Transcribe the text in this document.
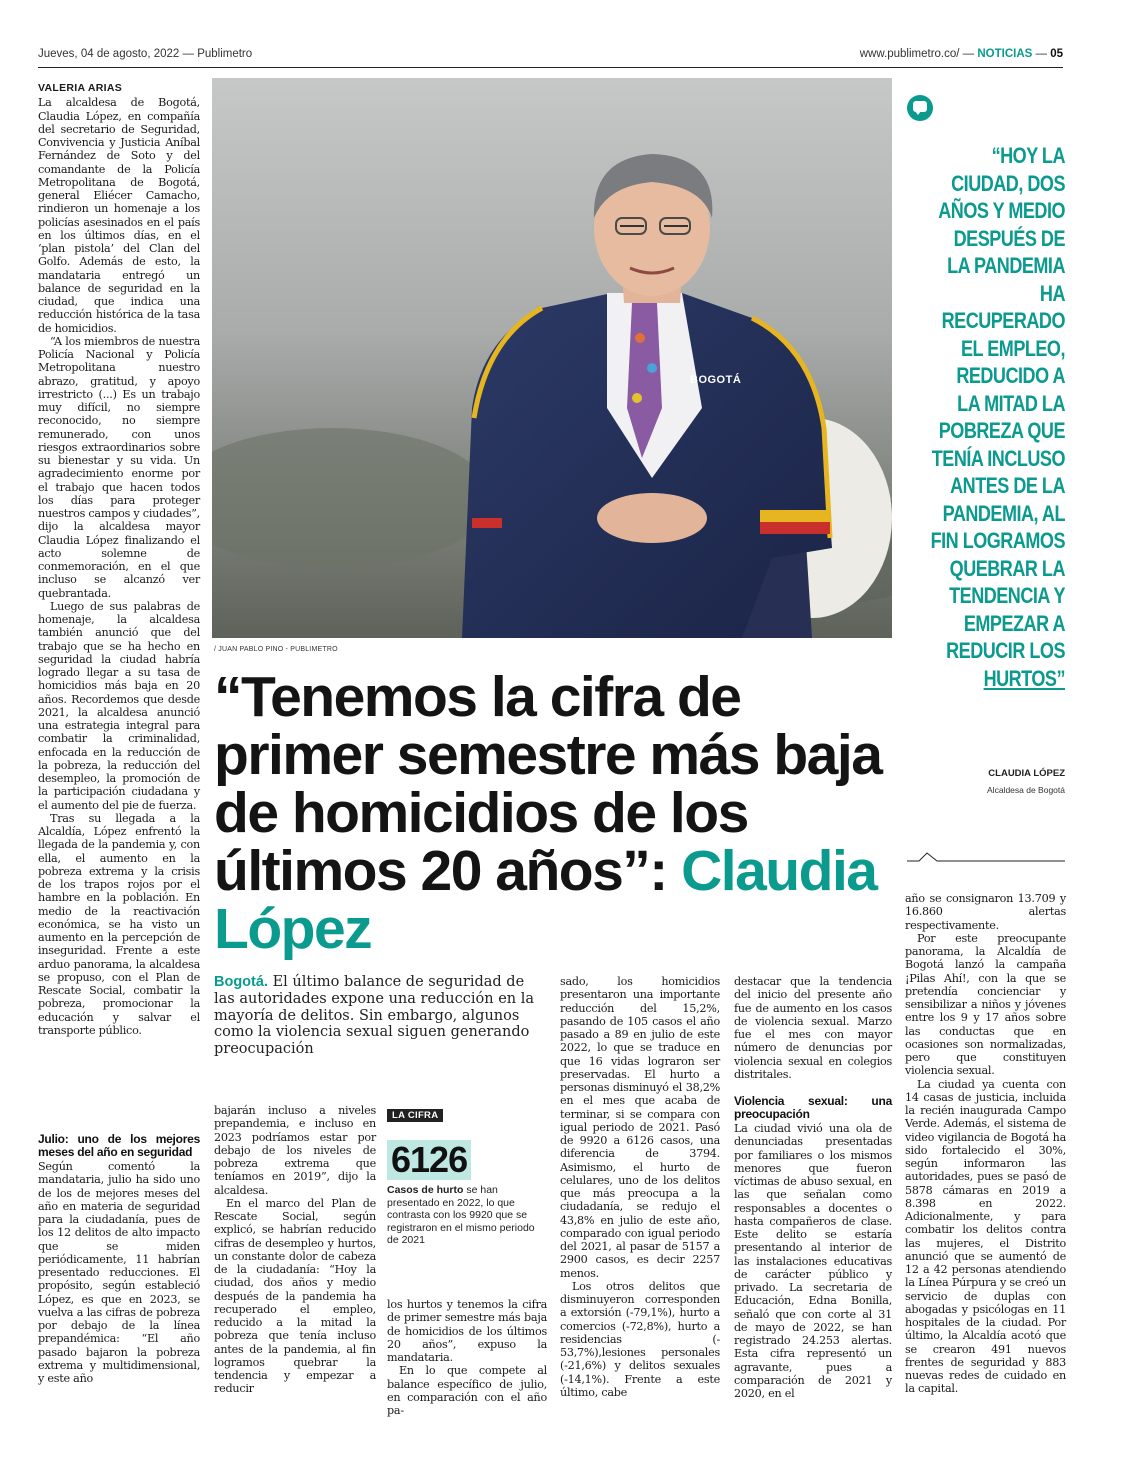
Jueves, 04 de agosto, 2022 — Publimetro	www.publimetro.co/ — NOTICIAS — 05
VALERIA ARIAS

La alcaldesa de Bogotá, Claudia López, en compañía del secretario de Seguridad, Convivencia y Justicia Aníbal Fernández de Soto y del comandante de la Policía Metropolitana de Bogotá, general Eliécer Camacho, rindieron un homenaje a los policías asesinados en el país en los últimos días, en el ‘plan pistola’ del Clan del Golfo. Además de esto, la mandataria entregó un balance de seguridad en la ciudad, que indica una reducción histórica de la tasa de homicidios.

“A los miembros de nuestra Policía Nacional y Policía Metropolitana nuestro abrazo, gratitud, y apoyo irrestricto (...) Es un trabajo muy difícil, no siempre reconocido, no siempre remunerado, con unos riesgos extraordinarios sobre su bienestar y su vida. Un agradecimiento enorme por el trabajo que hacen todos los días para proteger nuestros campos y ciudades”, dijo la alcaldesa mayor Claudia López finalizando el acto solemne de conmemoración, en el que incluso se alcanzó ver quebrantada.

Luego de sus palabras de homenaje, la alcaldesa también anunció que del trabajo que se ha hecho en seguridad la ciudad habría logrado llegar a su tasa de homicidios más baja en 20 años. Recordemos que desde 2021, la alcaldesa anunció una estrategia integral para combatir la criminalidad, enfocada en la reducción de la pobreza, la reducción del desempleo, la promoción de la participación ciudadana y el aumento del pie de fuerza.

Tras su llegada a la Alcaldía, López enfrentó la llegada de la pandemia y, con ella, el aumento en la pobreza extrema y la crisis de los trapos rojos por el hambre en la población. En medio de la reactivación económica, se ha visto un aumento en la percepción de inseguridad. Frente a este arduo panorama, la alcaldesa se propuso, con el Plan de Rescate Social, combatir la pobreza, promocionar la educación y salvar el transporte público.

Julio: uno de los mejores meses del año en seguridad

Según comentó la mandataria, julio ha sido uno de los de mejores meses del año en materia de seguridad para la ciudadanía, pues de los 12 delitos de alto impacto que se miden periódicamente, 11 habrían presentado reducciones. El propósito, según estableció López, es que en 2023, se vuelva a las cifras de pobreza por debajo de la línea prepandémica: “El año pasado bajaron la pobreza extrema y multidimensional, y este año

BOGOTÁ
/ JUAN PABLO PINO - PUBLIMETRO
“Tenemos la cifra de primer semestre más baja de homicidios de los últimos 20 años”: Claudia López
Bogotá. El último balance de seguridad de las autoridades expone una reducción en la mayoría de delitos. Sin embargo, algunos como la violencia sexual siguen generando preocupación

bajarán incluso a niveles prepandemia, e incluso en 2023 podríamos estar por debajo de los niveles de pobreza extrema que teníamos en 2019”, dijo la alcaldesa.

En el marco del Plan de Rescate Social, según explicó, se habrían reducido cifras de desempleo y hurtos, un constante dolor de cabeza de la ciudadanía: “Hoy la ciudad, dos años y medio después de la pandemia ha recuperado el empleo, reducido a la mitad la pobreza que tenía incluso antes de la pandemia, al fin logramos quebrar la tendencia y empezar a reducir

LA CIFRA
6126
Casos de hurto se han presentado en 2022, lo que contrasta con los 9920 que se registraron en el mismo periodo de 2021

los hurtos y tenemos la cifra de primer semestre más baja de homicidios de los últimos 20 años”, expuso la mandataria.

En lo que compete al balance específico de julio, en comparación con el año pa-

sado, los homicidios presentaron una importante reducción del 15,2%, pasando de 105 casos el año pasado a 89 en julio de este 2022, lo que se traduce en que 16 vidas lograron ser preservadas. El hurto a personas disminuyó el 38,2% en el mes que acaba de terminar, si se compara con igual periodo de 2021. Pasó de 9920 a 6126 casos, una diferencia de 3794. Asimismo, el hurto de celulares, uno de los delitos que más preocupa a la ciudadanía, se redujo el 43,8% en julio de este año, comparado con igual periodo del 2021, al pasar de 5157 a 2900 casos, es decir 2257 menos.

Los otros delitos que disminuyeron corresponden a extorsión (-79,1%), hurto a comercios (-72,8%), hurto a residencias (- 53,7%),lesiones personales (-21,6%) y delitos sexuales (-14,1%). Frente a este último, cabe

destacar que la tendencia del inicio del presente año fue de aumento en los casos de violencia sexual. Marzo fue el mes con mayor número de denuncias por violencia sexual en colegios distritales.

Violencia sexual: una preocupación

La ciudad vivió una ola de denunciadas presentadas por familiares o los mismos menores que fueron víctimas de abuso sexual, en las que señalan como responsables a docentes o hasta compañeros de clase. Este delito se estaría presentando al interior de las instalaciones educativas de carácter público y privado. La secretaria de Educación, Edna Bonilla, señaló que con corte al 31 de mayo de 2022, se han registrado 24.253 alertas. Esta cifra representó un agravante, pues a comparación de 2021 y 2020, en el

año se consignaron 13.709 y 16.860 alertas respectivamente.

Por este preocupante panorama, la Alcaldía de Bogotá lanzó la campaña ¡Pilas Ahí!, con la que se pretendía concienciar y sensibilizar a niños y jóvenes entre los 9 y 17 años sobre las conductas que en ocasiones son normalizadas, pero que constituyen violencia sexual.

La ciudad ya cuenta con 14 casas de justicia, incluida la recién inaugurada Campo Verde. Además, el sistema de video vigilancia de Bogotá ha sido fortalecido el 30%, según informaron las autoridades, pues se pasó de 5878 cámaras en 2019 a 8.398 en 2022. Adicionalmente, y para combatir los delitos contra las mujeres, el Distrito anunció que se aumentó de 12 a 42 personas atendiendo la Línea Púrpura y se creó un servicio de duplas con abogadas y psicólogas en 11 hospitales de la ciudad. Por último, la Alcaldía acotó que se crearon 491 nuevos frentes de seguridad y 883 nuevas redes de cuidado en la capital.

“HOY LA CIUDAD, DOS AÑOS Y MEDIO DESPUÉS DE LA PANDEMIA HA RECUPERADO EL EMPLEO, REDUCIDO A LA MITAD LA POBREZA QUE TENÍA INCLUSO ANTES DE LA PANDEMIA, AL FIN LOGRAMOS QUEBRAR LA TENDENCIA Y EMPEZAR A REDUCIR LOS HURTOS”
CLAUDIA LÓPEZ
Alcaldesa de Bogotá
